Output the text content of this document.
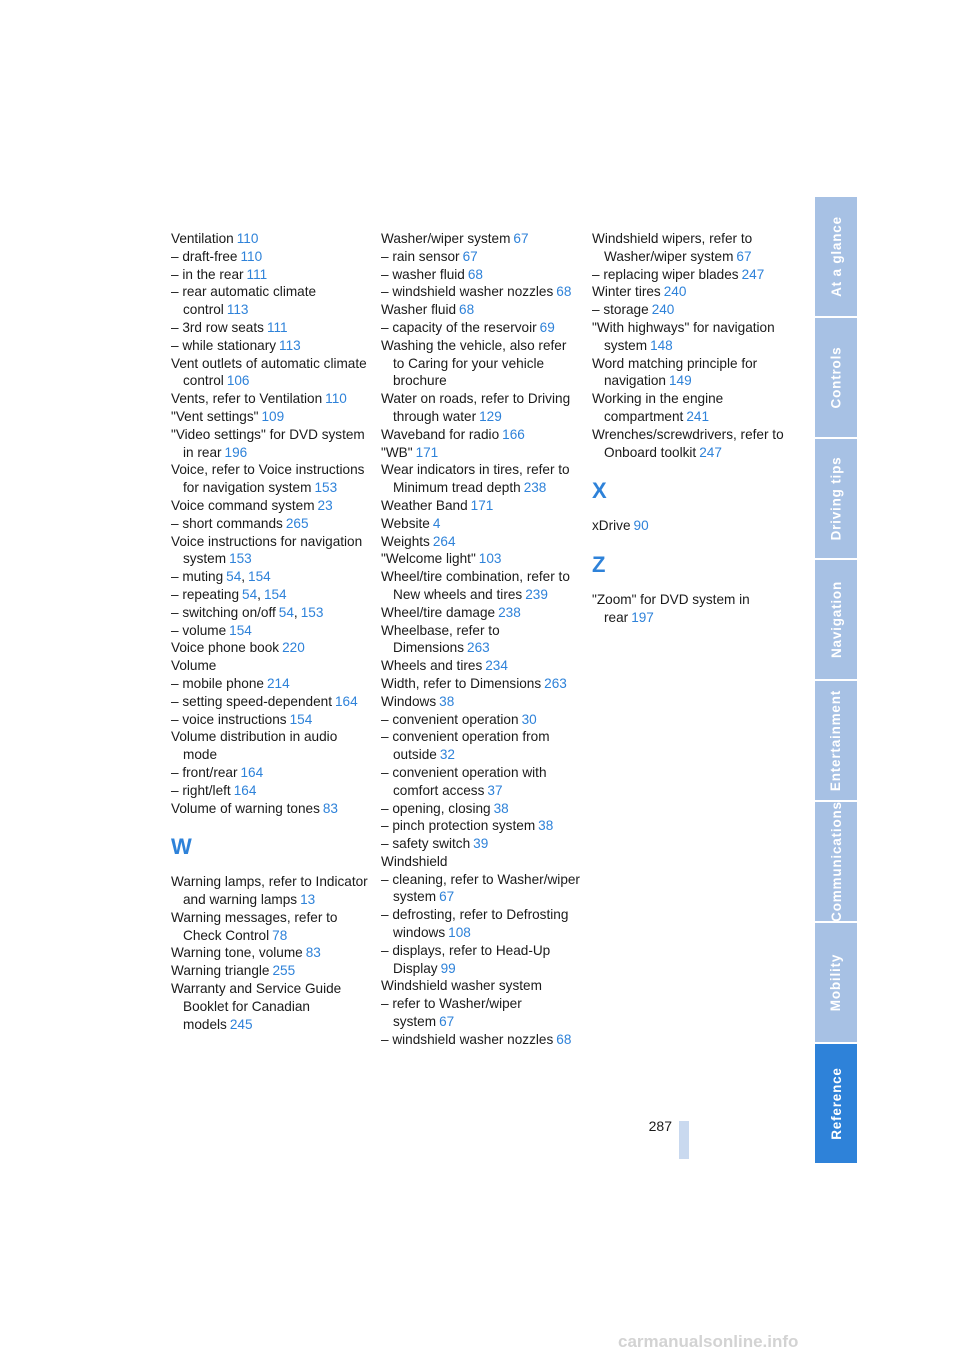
Ventilation 110
– draft-free 110
– in the rear 111
– rear automatic climate control 113
– 3rd row seats 111
– while stationary 113
Vent outlets of automatic climate control 106
Vents, refer to Ventilation 110
"Vent settings" 109
"Video settings" for DVD system in rear 196
Voice, refer to Voice instructions for navigation system 153
Voice command system 23
– short commands 265
Voice instructions for navigation system 153
– muting 54, 154
– repeating 54, 154
– switching on/off 54, 153
– volume 154
Voice phone book 220
Volume
– mobile phone 214
– setting speed-dependent 164
– voice instructions 154
Volume distribution in audio mode
– front/rear 164
– right/left 164
Volume of warning tones 83
W
Warning lamps, refer to Indicator and warning lamps 13
Warning messages, refer to Check Control 78
Warning tone, volume 83
Warning triangle 255
Warranty and Service Guide Booklet for Canadian models 245
Washer/wiper system 67
– rain sensor 67
– washer fluid 68
– windshield washer nozzles 68
Washer fluid 68
– capacity of the reservoir 69
Washing the vehicle, also refer to Caring for your vehicle brochure
Water on roads, refer to Driving through water 129
Waveband for radio 166
"WB" 171
Wear indicators in tires, refer to Minimum tread depth 238
Weather Band 171
Website 4
Weights 264
"Welcome light" 103
Wheel/tire combination, refer to New wheels and tires 239
Wheel/tire damage 238
Wheelbase, refer to Dimensions 263
Wheels and tires 234
Width, refer to Dimensions 263
Windows 38
– convenient operation 30
– convenient operation from outside 32
– convenient operation with comfort access 37
– opening, closing 38
– pinch protection system 38
– safety switch 39
Windshield
– cleaning, refer to Washer/wiper system 67
– defrosting, refer to Defrosting windows 108
– displays, refer to Head-Up Display 99
Windshield washer system
– refer to Washer/wiper system 67
– windshield washer nozzles 68
Windshield wipers, refer to Washer/wiper system 67
– replacing wiper blades 247
Winter tires 240
– storage 240
"With highways" for navigation system 148
Word matching principle for navigation 149
Working in the engine compartment 241
Wrenches/screwdrivers, refer to Onboard toolkit 247
X
xDrive 90
Z
"Zoom" for DVD system in rear 197
At a glance
Controls
Driving tips
Navigation
Entertainment
Communications
Mobility
Reference
287
carmanualsonline.info
